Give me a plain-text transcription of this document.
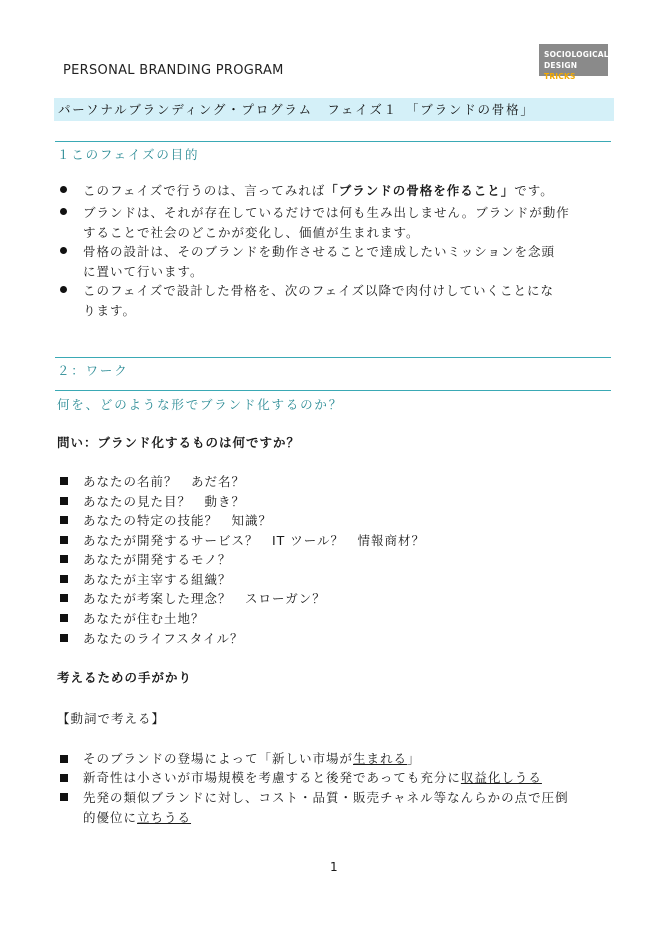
PERSONAL BRANDING PROGRAM
SOCIOLOGICAL
DESIGN TRICKS
パーソナルブランディング・プログラム　フェイズ１　「ブランドの骨格」
１このフェイズの目的
このフェイズで行うのは、言ってみれば「ブランドの骨格を作ること」です。
ブランドは、それが存在しているだけでは何も生み出しません。ブランドが動作
することで社会のどこかが変化し、価値が生まれます。
骨格の設計は、そのブランドを動作させることで達成したいミッションを念頭
に置いて行います。
このフェイズで設計した骨格を、次のフェイズ以降で肉付けしていくことにな
ります。
２：ワーク
何を、どのような形でブランド化するのか？
問い：ブランド化するものは何ですか？
あなたの名前？　あだ名？
あなたの見た目？　動き？
あなたの特定の技能？　知識？
あなたが開発するサービス？　IT ツール？　情報商材？
あなたが開発するモノ？
あなたが主宰する組織？
あなたが考案した理念？　スローガン？
あなたが住む土地？
あなたのライフスタイル？
考えるための手がかり
【動詞で考える】
そのブランドの登場によって「新しい市場が生まれる」
新奇性は小さいが市場規模を考慮すると後発であっても充分に収益化しうる
先発の類似ブランドに対し、コスト・品質・販売チャネル等なんらかの点で圧倒
的優位に立ちうる
1
